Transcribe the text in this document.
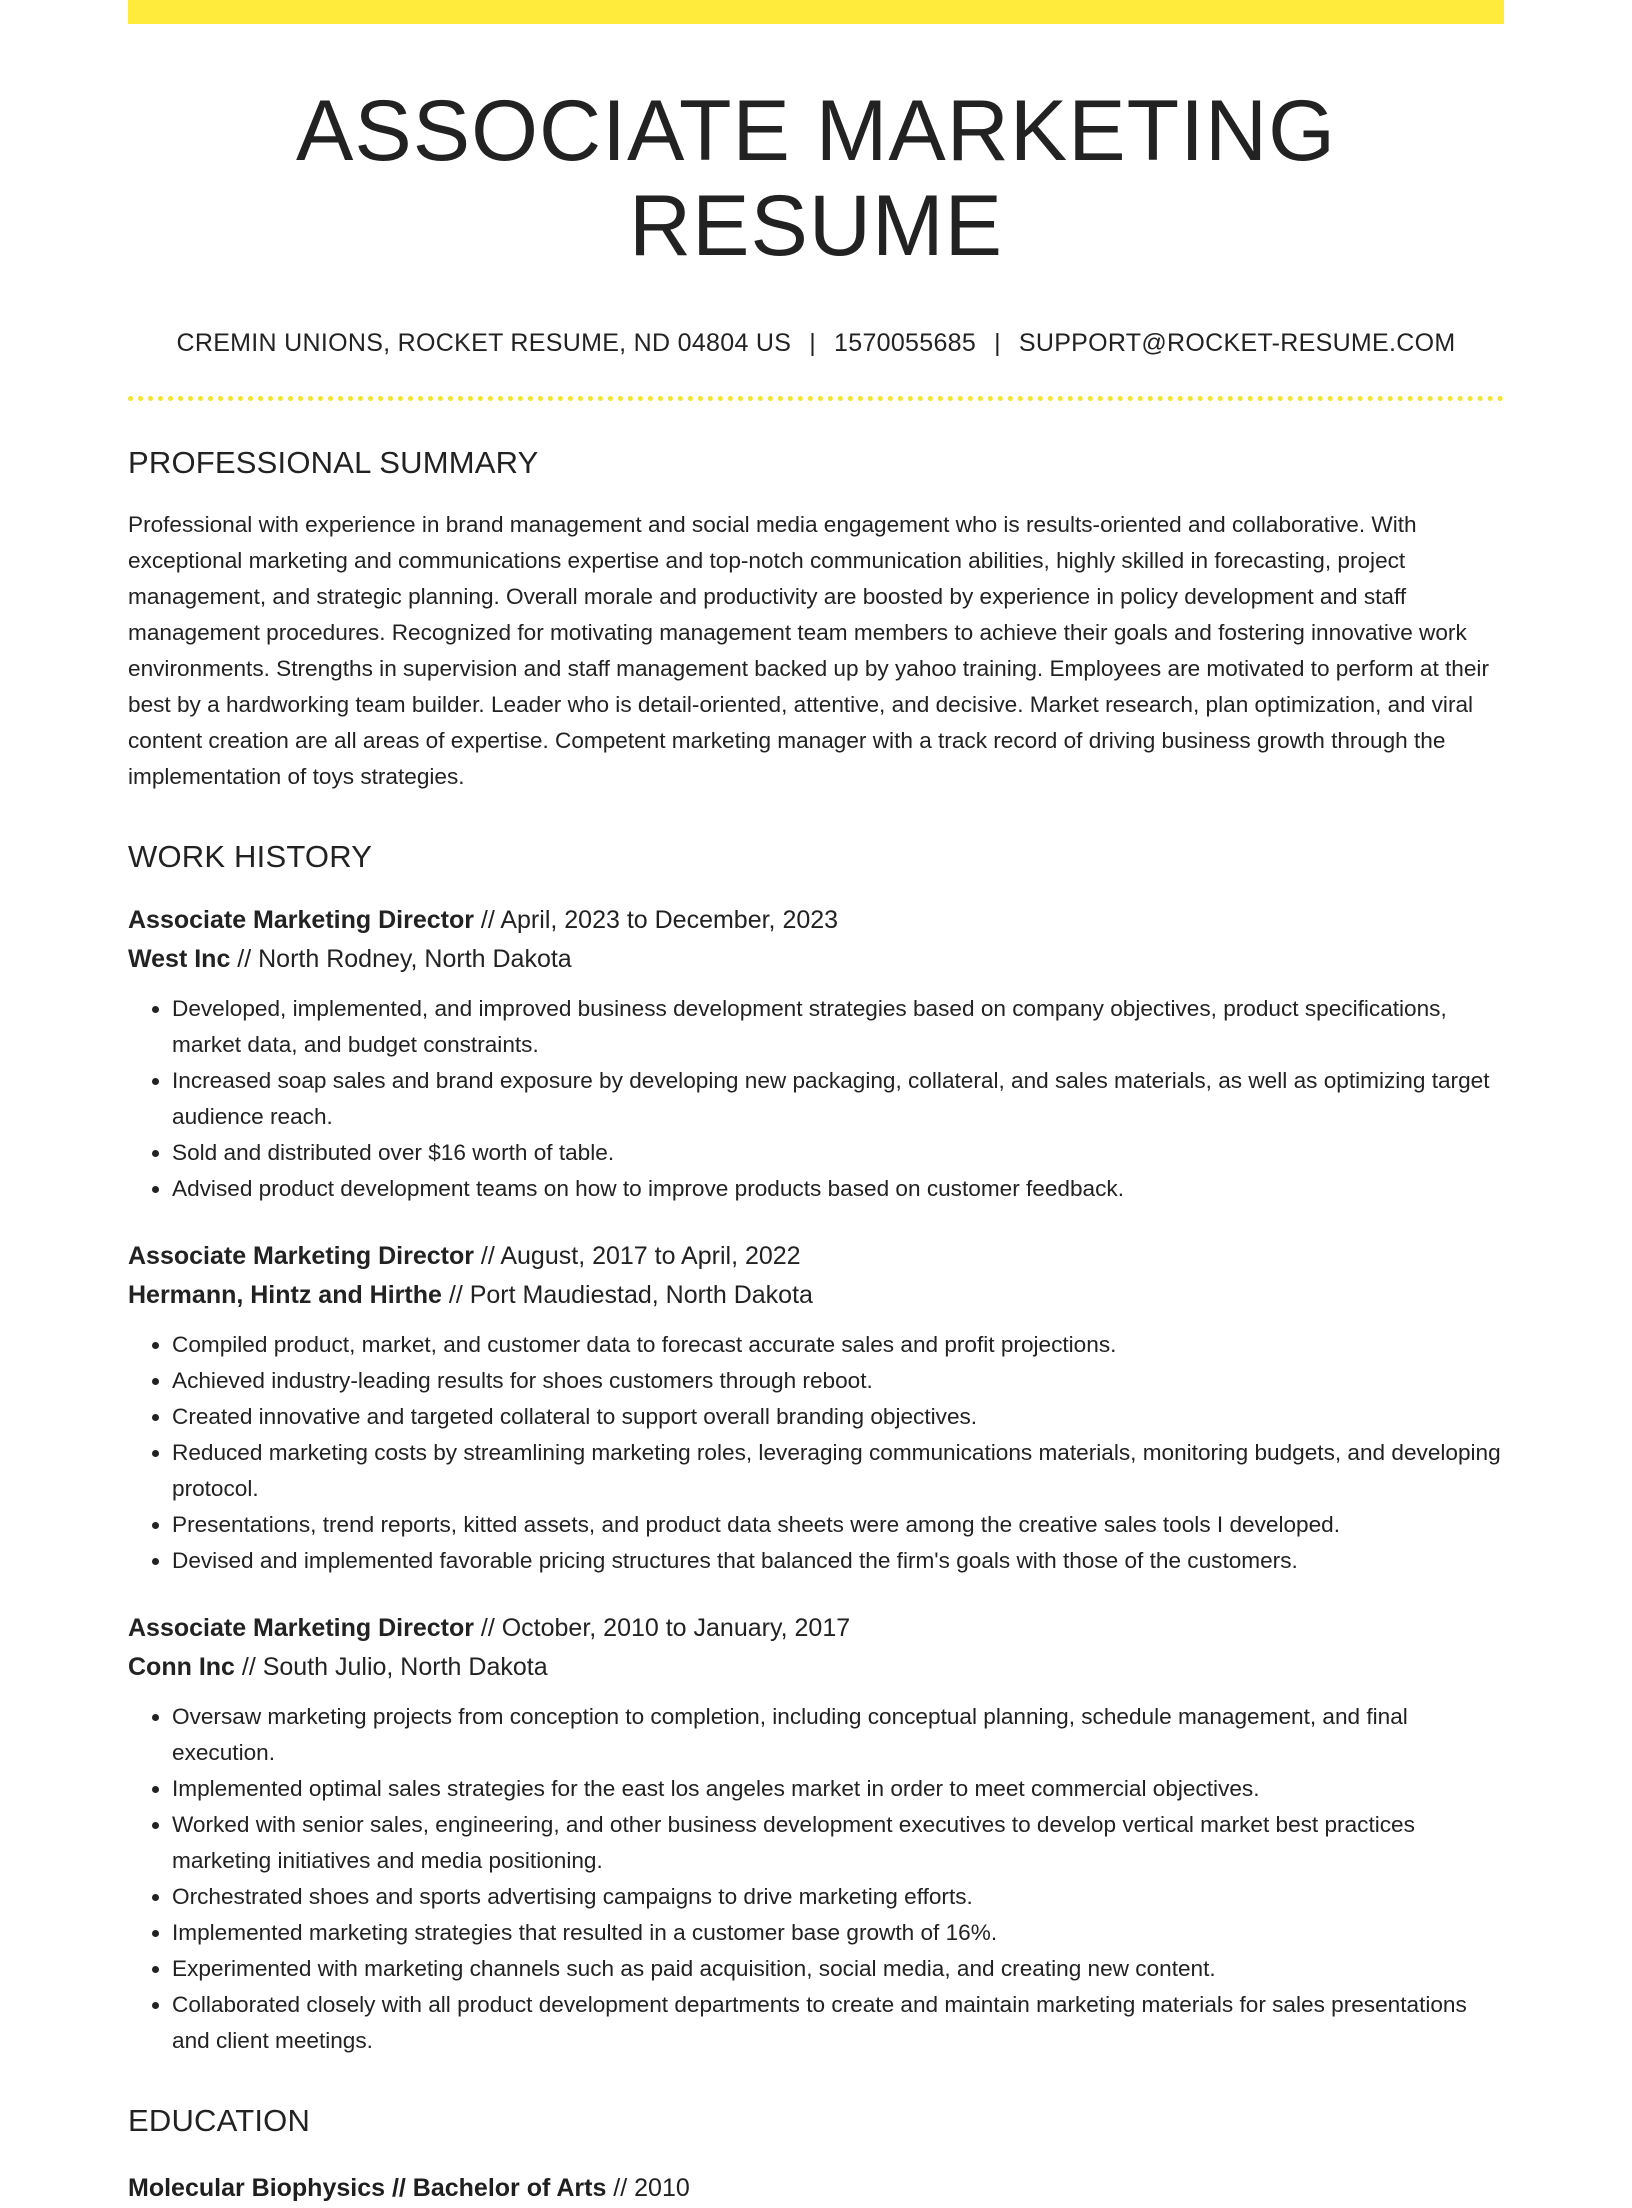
ASSOCIATE MARKETING RESUME
CREMIN UNIONS, ROCKET RESUME, ND 04804 US | 1570055685 | SUPPORT@ROCKET-RESUME.COM
PROFESSIONAL SUMMARY
Professional with experience in brand management and social media engagement who is results-oriented and collaborative. With exceptional marketing and communications expertise and top-notch communication abilities, highly skilled in forecasting, project management, and strategic planning. Overall morale and productivity are boosted by experience in policy development and staff management procedures. Recognized for motivating management team members to achieve their goals and fostering innovative work environments. Strengths in supervision and staff management backed up by yahoo training. Employees are motivated to perform at their best by a hardworking team builder. Leader who is detail-oriented, attentive, and decisive. Market research, plan optimization, and viral content creation are all areas of expertise. Competent marketing manager with a track record of driving business growth through the implementation of toys strategies.
WORK HISTORY
Associate Marketing Director // April, 2023 to December, 2023
West Inc // North Rodney, North Dakota
• Developed, implemented, and improved business development strategies based on company objectives, product specifications, market data, and budget constraints.
• Increased soap sales and brand exposure by developing new packaging, collateral, and sales materials, as well as optimizing target audience reach.
• Sold and distributed over $16 worth of table.
• Advised product development teams on how to improve products based on customer feedback.
Associate Marketing Director // August, 2017 to April, 2022
Hermann, Hintz and Hirthe // Port Maudiestad, North Dakota
• Compiled product, market, and customer data to forecast accurate sales and profit projections.
• Achieved industry-leading results for shoes customers through reboot.
• Created innovative and targeted collateral to support overall branding objectives.
• Reduced marketing costs by streamlining marketing roles, leveraging communications materials, monitoring budgets, and developing protocol.
• Presentations, trend reports, kitted assets, and product data sheets were among the creative sales tools I developed.
• Devised and implemented favorable pricing structures that balanced the firm's goals with those of the customers.
Associate Marketing Director // October, 2010 to January, 2017
Conn Inc // South Julio, North Dakota
• Oversaw marketing projects from conception to completion, including conceptual planning, schedule management, and final execution.
• Implemented optimal sales strategies for the east los angeles market in order to meet commercial objectives.
• Worked with senior sales, engineering, and other business development executives to develop vertical market best practices marketing initiatives and media positioning.
• Orchestrated shoes and sports advertising campaigns to drive marketing efforts.
• Implemented marketing strategies that resulted in a customer base growth of 16%.
• Experimented with marketing channels such as paid acquisition, social media, and creating new content.
• Collaborated closely with all product development departments to create and maintain marketing materials for sales presentations and client meetings.
EDUCATION
Molecular Biophysics // Bachelor of Arts // 2010
